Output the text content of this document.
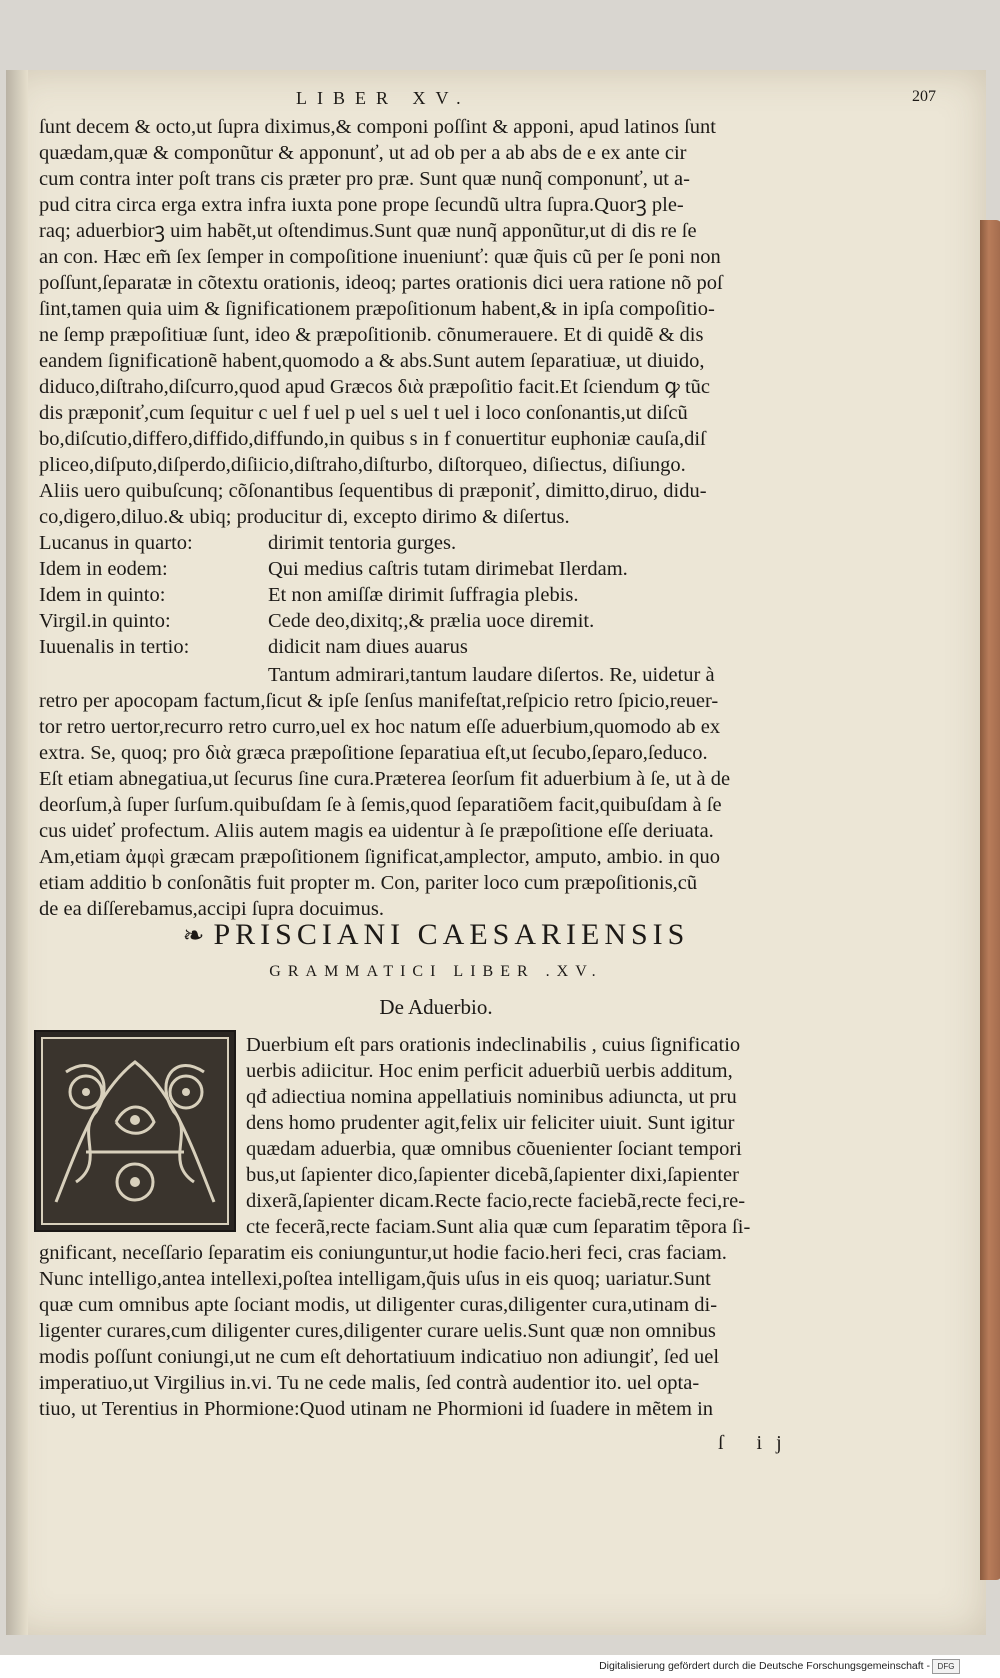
LIBER XV.	207
ſunt decem & octo,ut ſupra diximus,& componi poſſint & apponi, apud latinos ſunt
quædam,quæ & componũtur & apponunť, ut ad ob per a ab abs de e ex ante cir
cum contra inter poſt trans cis præter pro præ. Sunt quæ nunq̃ componunť, ut a-
pud citra circa erga extra infra iuxta pone prope ſecundũ ultra ſupra.Quorꝫ ple-
raq; aduerbiorꝫ uim habẽt,ut oſtendimus.Sunt quæ nunq̃ apponũtur,ut di dis re ſe
an con. Hæc em̃ ſex ſemper in compoſitione inueniunť: quæ q̃uis cũ per ſe poni non
poſſunt,ſeparatæ in cõtextu orationis, ideoq; partes orationis dici uera ratione nõ poſ
ſint,tamen quia uim & ſignificationem præpoſitionum habent,& in ipſa compoſitio-
ne ſemp præpoſitiuæ ſunt, ideo & præpoſitionib. cõnumerauere. Et di quidẽ & dis
eandem ſignificationẽ habent,quomodo a & abs.Sunt autem ſeparatiuæ, ut diuido,
diduco,diſtraho,diſcurro,quod apud Græcos διὰ præpoſitio facit.Et ſciendum ꝙ tũc
dis præponiť,cum ſequitur c uel f uel p uel s uel t uel i loco conſonantis,ut diſcũ
bo,diſcutio,differo,diffido,diffundo,in quibus s in f conuertitur euphoniæ cauſa,diſ
pliceo,diſputo,diſperdo,diſiicio,diſtraho,diſturbo, diſtorqueo, diſiectus, diſiungo.
Aliis uero quibuſcunq; cõſonantibus ſequentibus di præponiť, dimitto,diruo, didu-
co,digero,diluo.& ubiq; producitur di, excepto dirimo & diſertus.
Lucanus in quarto:	dirimit tentoria gurges.
Idem in eodem:	Qui medius caſtris tutam dirimebat Ilerdam.
Idem in quinto:	Et non amiſſæ dirimit ſuffragia plebis.
Virgil.in quinto:	Cede deo,dixitq;,& prælia uoce diremit.
Iuuenalis in tertio:	didicit nam diues auarus
Tantum admirari,tantum laudare diſertos. Re, uidetur à
retro per apocopam factum,ſicut & ipſe ſenſus manifeſtat,reſpicio retro ſpicio,reuer-
tor retro uertor,recurro retro curro,uel ex hoc natum eſſe aduerbium,quomodo ab ex
extra. Se, quoq; pro διὰ græca præpoſitione ſeparatiua eſt,ut ſecubo,ſeparo,ſeduco.
Eſt etiam abnegatiua,ut ſecurus ſine cura.Præterea ſeorſum fit aduerbium à ſe, ut à de
deorſum,à ſuper ſurſum.quibuſdam ſe à ſemis,quod ſeparatiõem facit,quibuſdam à ſe
cus uideť profectum. Aliis autem magis ea uidentur à ſe præpoſitione eſſe deriuata.
Am,etiam ἀμφὶ græcam præpoſitionem ſignificat,amplector, amputo, ambio. in quo
etiam additio b conſonãtis fuit propter m. Con, pariter loco cum præpoſitionis,cũ
de ea diſſerebamus,accipi ſupra docuimus.
❧ PRISCIANI CAESARIENSIS
GRAMMATICI LIBER .XV.
De Aduerbio.
Duerbium eſt pars orationis indeclinabilis , cuius ſignificatio
uerbis adiicitur. Hoc enim perficit aduerbiũ uerbis additum,
qđ adiectiua nomina appellatiuis nominibus adiuncta, ut pru
dens homo prudenter agit,felix uir feliciter uiuit. Sunt igitur
quædam aduerbia, quæ omnibus cõuenienter ſociant tempori
bus,ut ſapienter dico,ſapienter dicebã,ſapienter dixi,ſapienter
dixerã,ſapienter dicam.Recte facio,recte faciebã,recte feci,re-
cte fecerã,recte faciam.Sunt alia quæ cum ſeparatim tẽpora ſi-
gnificant, neceſſario ſeparatim eis coniunguntur,ut hodie facio.heri feci, cras faciam.
Nunc intelligo,antea intellexi,poſtea intelligam,q̃uis uſus in eis quoq; uariatur.Sunt
quæ cum omnibus apte ſociant modis, ut diligenter curas,diligenter cura,utinam di-
ligenter curares,cum diligenter cures,diligenter curare uelis.Sunt quæ non omnibus
modis poſſunt coniungi,ut ne cum eſt dehortatiuum indicatiuo non adiungiť, ſed uel
imperatiuo,ut Virgilius in.vi. Tu ne cede malis, ſed contrà audentior ito. uel opta-
tiuo, ut Terentius in Phormione:Quod utinam ne Phormioni id ſuadere in mẽtem in
ſ ij
Digitalisierung gefördert durch die Deutsche Forschungsgemeinschaft - DFG
